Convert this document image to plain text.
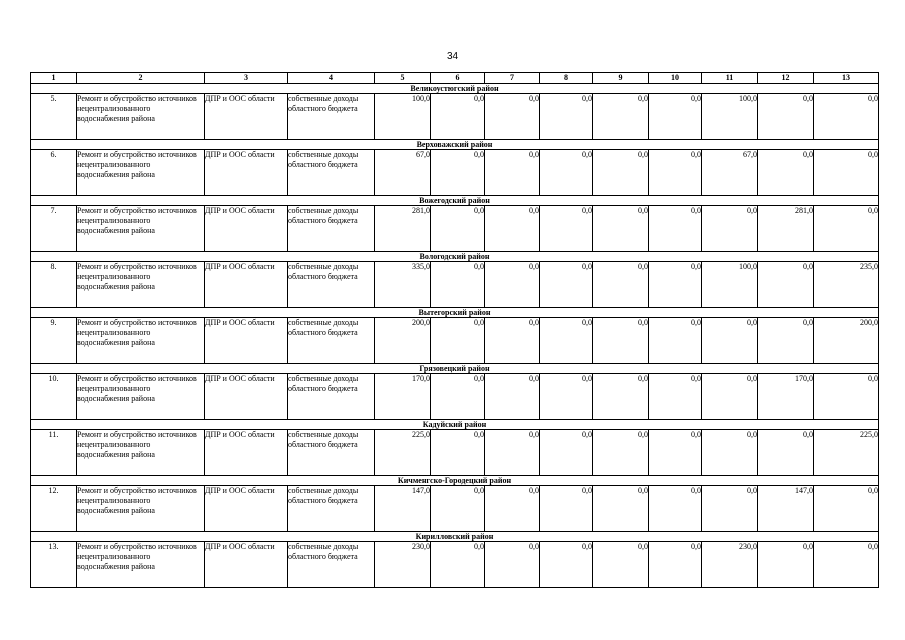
34
1	2	3	4	5	6	7	8	9	10	11	12	13
Великоустюгский район												
5.	Ремонт и обустройство источников нецентрализованного водоснабжения района	ДПР и ООС области	собственные доходы областного бюджета	100,0	0,0	0,0	0,0	0,0	0,0	100,0	0,0	0,0
Верховажский район												
6.	Ремонт и обустройство источников нецентрализованного водоснабжения района	ДПР и ООС области	собственные доходы областного бюджета	67,0	0,0	0,0	0,0	0,0	0,0	67,0	0,0	0,0
Вожегодский район												
7.	Ремонт и обустройство источников нецентрализованного водоснабжения района	ДПР и ООС области	собственные доходы областного бюджета	281,0	0,0	0,0	0,0	0,0	0,0	0,0	281,0	0,0
Вологодский район												
8.	Ремонт и обустройство источников нецентрализованного водоснабжения района	ДПР и ООС области	собственные доходы областного бюджета	335,0	0,0	0,0	0,0	0,0	0,0	100,0	0,0	235,0
Вытегорский район												
9.	Ремонт и обустройство источников нецентрализованного водоснабжения района	ДПР и ООС области	собственные доходы областного бюджета	200,0	0,0	0,0	0,0	0,0	0,0	0,0	0,0	200,0
Грязовецкий район												
10.	Ремонт и обустройство источников нецентрализованного водоснабжения района	ДПР и ООС области	собственные доходы областного бюджета	170,0	0,0	0,0	0,0	0,0	0,0	0,0	170,0	0,0
Кадуйский район												
11.	Ремонт и обустройство источников нецентрализованного водоснабжения района	ДПР и ООС области	собственные доходы областного бюджета	225,0	0,0	0,0	0,0	0,0	0,0	0,0	0,0	225,0
Кичменгско-Городецкий район												
12.	Ремонт и обустройство источников нецентрализованного водоснабжения района	ДПР и ООС области	собственные доходы областного бюджета	147,0	0,0	0,0	0,0	0,0	0,0	0,0	147,0	0,0
Кирилловский район												
13.	Ремонт и обустройство источников нецентрализованного водоснабжения района	ДПР и ООС области	собственные доходы областного бюджета	230,0	0,0	0,0	0,0	0,0	0,0	230,0	0,0	0,0
